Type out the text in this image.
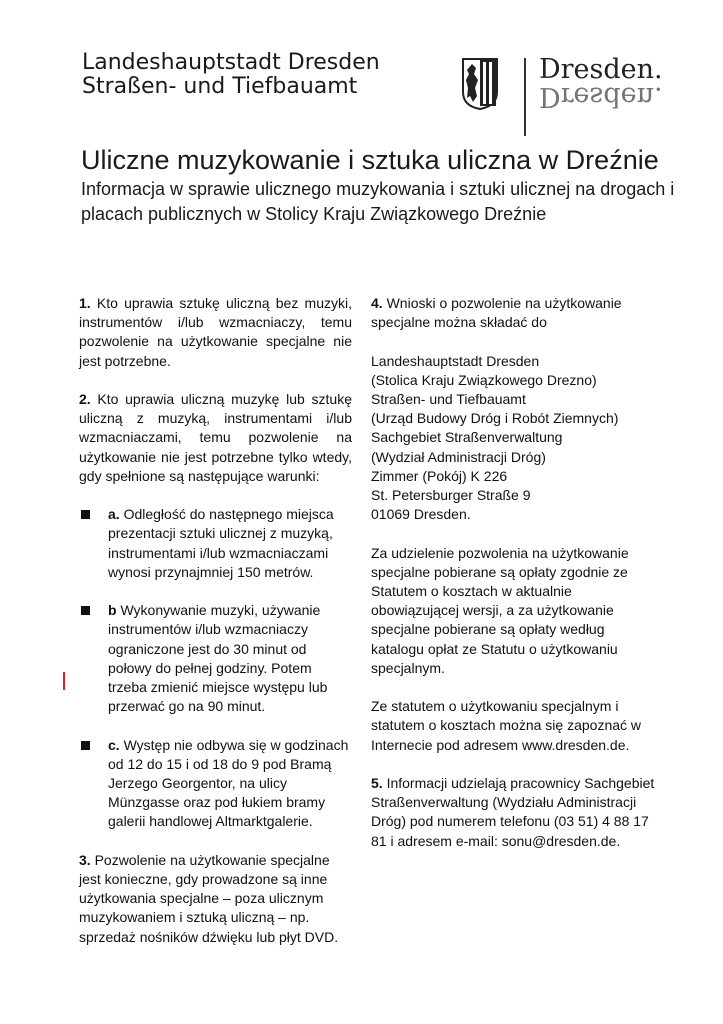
Landeshauptstadt Dresden
Straßen- und Tiefbauamt
Dresden.
Dresden.
Uliczne muzykowanie i sztuka uliczna w Dreźnie
Informacja w sprawie ulicznego muzykowania i sztuki ulicznej na drogach i placach publicznych w Stolicy Kraju Związkowego Dreźnie

1. Kto uprawia sztukę uliczną bez muzyki, instrumentów i/lub wzmacniaczy, temu pozwolenie na użytkowanie specjalne nie jest potrzebne.

2. Kto uprawia uliczną muzykę lub sztukę uliczną z muzyką, instrumentami i/lub wzmacniaczami, temu pozwolenie na użytkowanie nie jest potrzebne tylko wtedy, gdy spełnione są następujące warunki:

a. Odległość do następnego miejsca prezentacji sztuki ulicznej z muzyką, instrumentami i/lub wzmacniaczami wynosi przynajmniej 150 metrów.

b Wykonywanie muzyki, używanie instrumentów i/lub wzmacniaczy ograniczone jest do 30 minut od połowy do pełnej godziny. Potem trzeba zmienić miejsce występu lub przerwać go na 90 minut.

c. Występ nie odbywa się w godzinach od 12 do 15 i od 18 do 9 pod Bramą Jerzego Georgentor, na ulicy Münzgasse oraz pod łukiem bramy galerii handlowej Altmarktgalerie.

3. Pozwolenie na użytkowanie specjalne jest konieczne, gdy prowadzone są inne użytkowania specjalne – poza ulicznym muzykowaniem i sztuką uliczną – np. sprzedaż nośników dźwięku lub płyt DVD.

4. Wnioski o pozwolenie na użytkowanie specjalne można składać do

Landeshauptstadt Dresden

(Stolica Kraju Związkowego Drezno)

Straßen- und Tiefbauamt

(Urząd Budowy Dróg i Robót Ziemnych)

Sachgebiet Straßenverwaltung

(Wydział Administracji Dróg)

Zimmer (Pokój) K 226

St. Petersburger Straße 9

01069 Dresden.

Za udzielenie pozwolenia na użytkowanie specjalne pobierane są opłaty zgodnie ze Statutem o kosztach w aktualnie obowiązującej wersji, a za użytkowanie specjalne pobierane są opłaty według katalogu opłat ze Statutu o użytkowaniu specjalnym.

Ze statutem o użytkowaniu specjalnym i statutem o kosztach można się zapoznać w Internecie pod adresem www.dresden.de.

5. Informacji udzielają pracownicy Sachgebiet Straßenverwaltung (Wydziału Administracji Dróg) pod numerem telefonu (03 51) 4 88 17 81 i adresem e-mail: sonu@dresden.de.
